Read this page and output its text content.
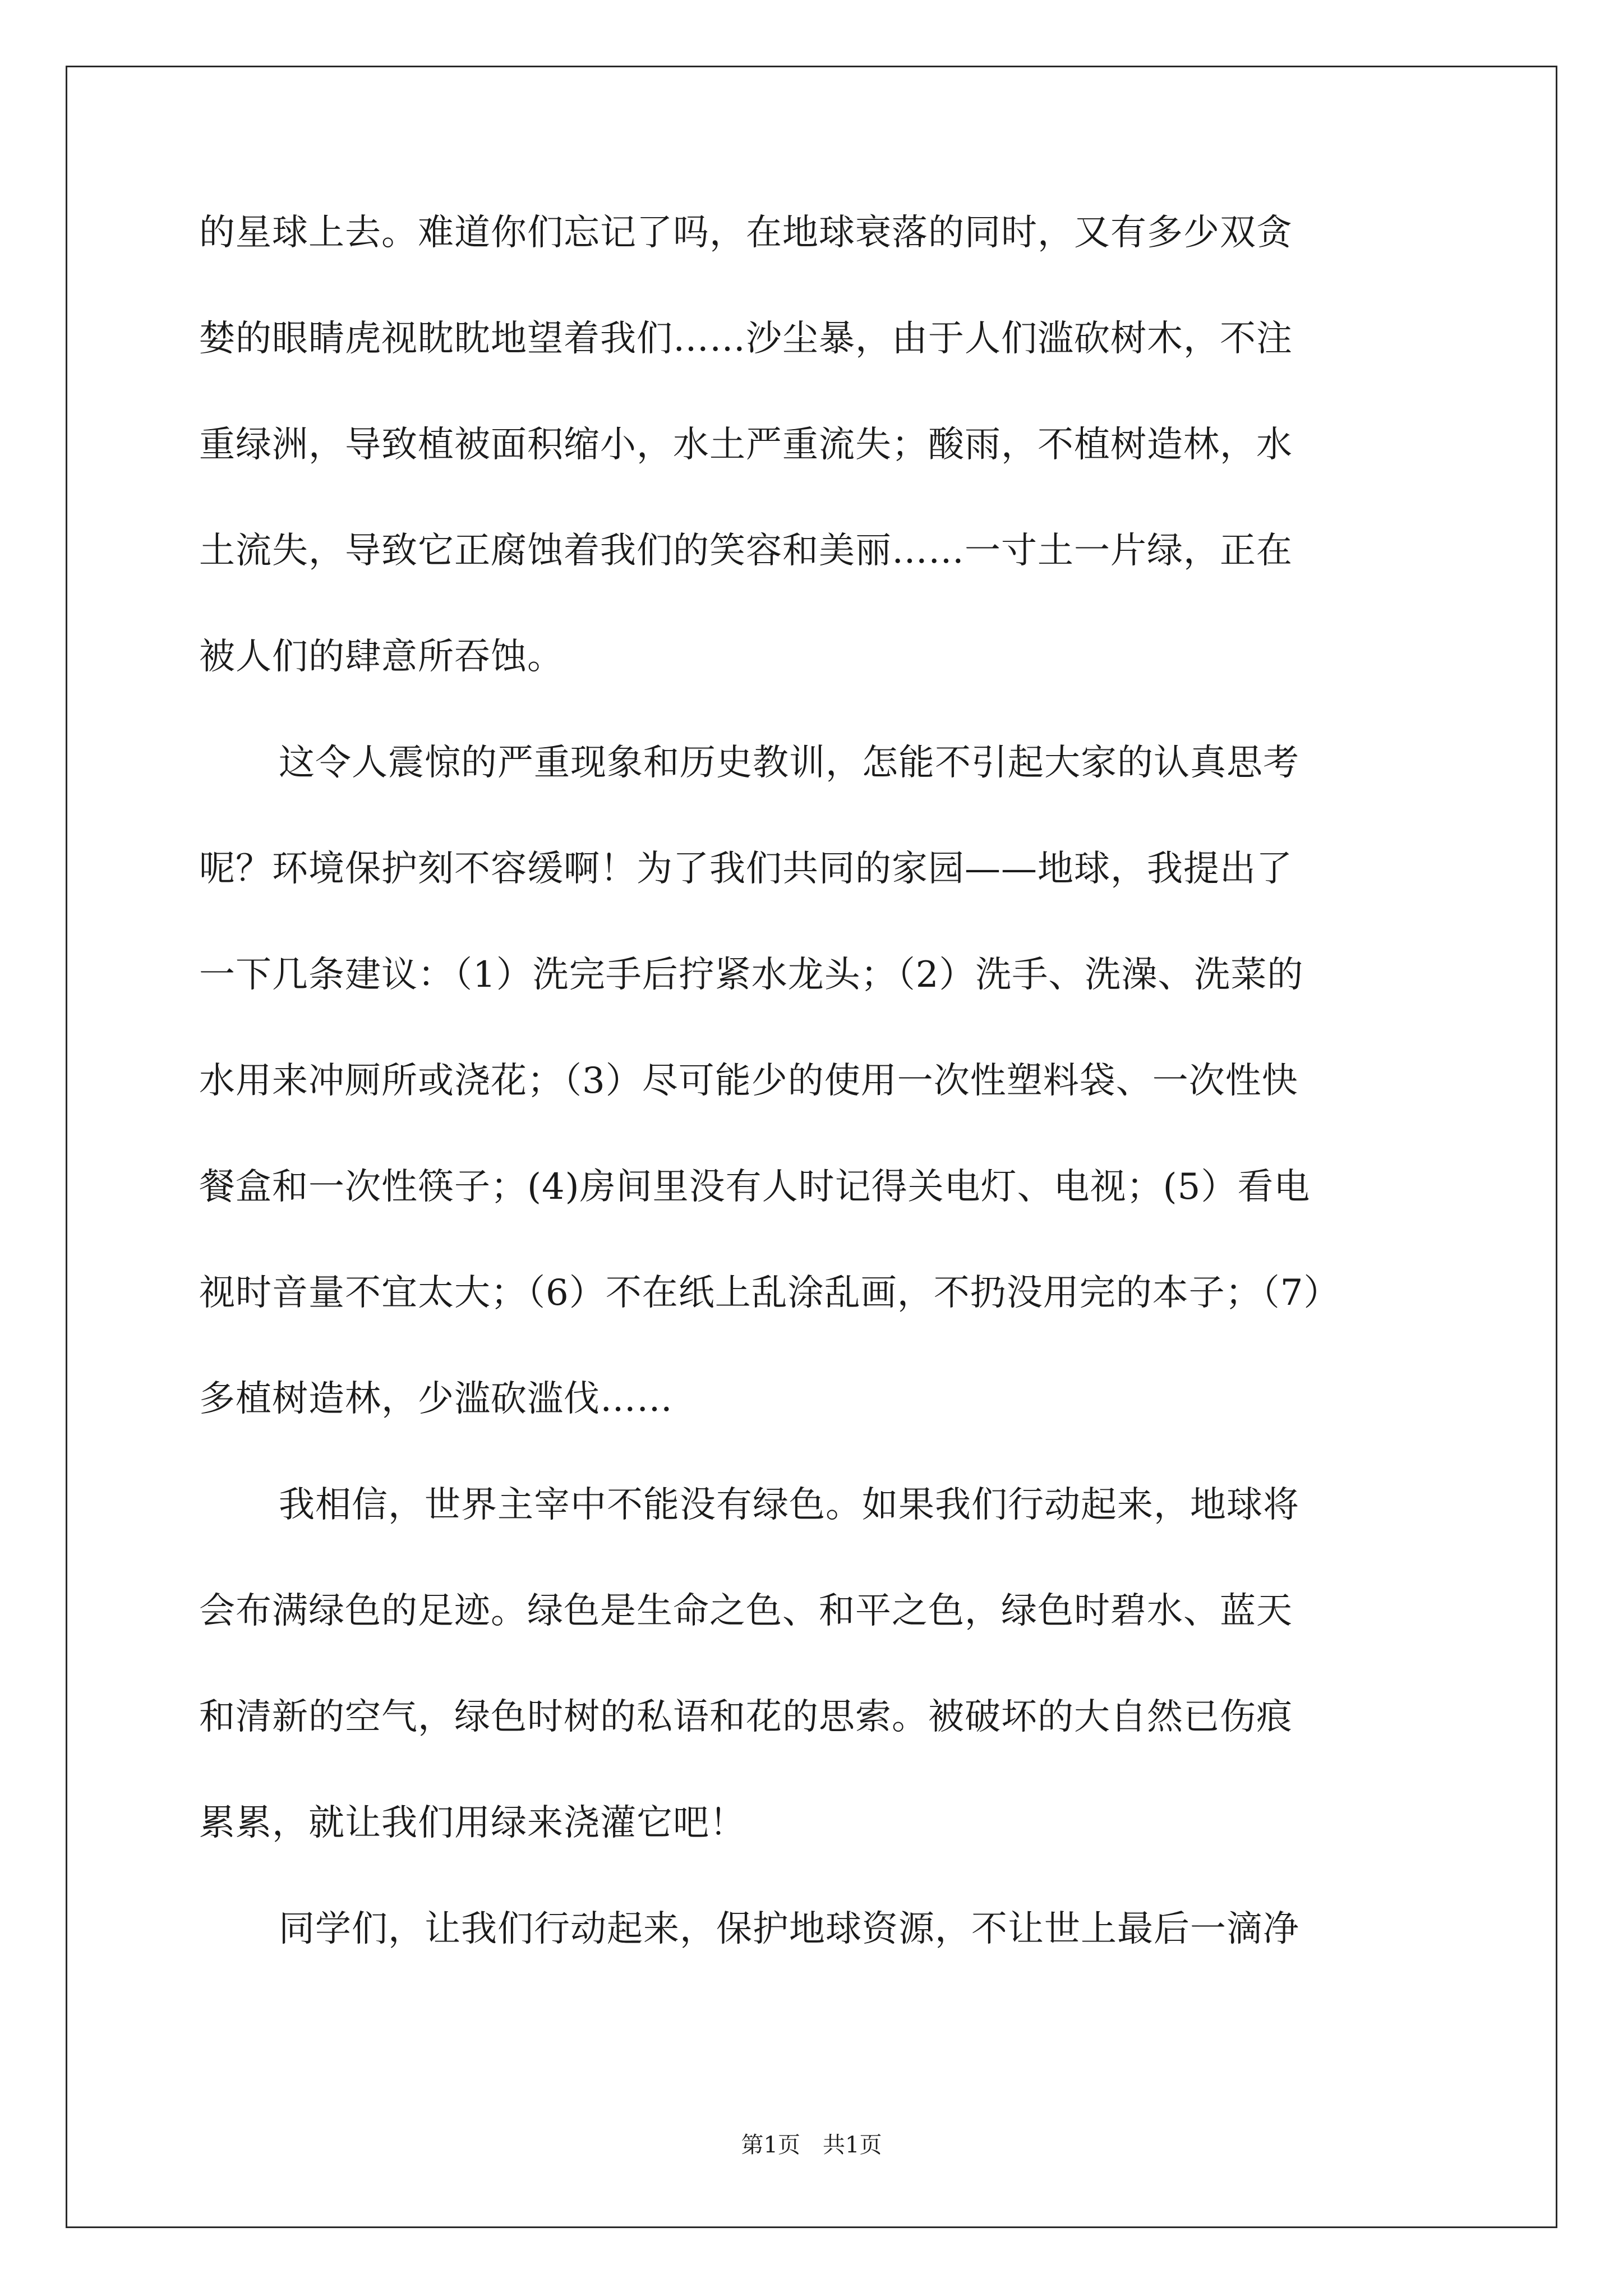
的星球上去。难道你们忘记了吗，在地球衰落的同时，又有多少双贪
婪的眼睛虎视眈眈地望着我们……沙尘暴，由于人们滥砍树木，不注
重绿洲，导致植被面积缩小，水土严重流失；酸雨，不植树造林，水
土流失，导致它正腐蚀着我们的笑容和美丽……一寸土一片绿，正在
被人们的肆意所吞蚀。
这令人震惊的严重现象和历史教训，怎能不引起大家的认真思考
呢？环境保护刻不容缓啊！为了我们共同的家园——地球，我提出了
一下几条建议：（1）洗完手后拧紧水龙头；（2）洗手、洗澡、洗菜的
水用来冲厕所或浇花；（3）尽可能少的使用一次性塑料袋、一次性快
餐盒和一次性筷子；(4)房间里没有人时记得关电灯、电视；(5）看电
视时音量不宜太大；（6）不在纸上乱涂乱画，不扔没用完的本子；（7）
多植树造林，少滥砍滥伐……
我相信，世界主宰中不能没有绿色。如果我们行动起来，地球将
会布满绿色的足迹。绿色是生命之色、和平之色，绿色时碧水、蓝天
和清新的空气，绿色时树的私语和花的思索。被破坏的大自然已伤痕
累累，就让我们用绿来浇灌它吧！
同学们，让我们行动起来，保护地球资源，不让世上最后一滴净
第1页　共1页
